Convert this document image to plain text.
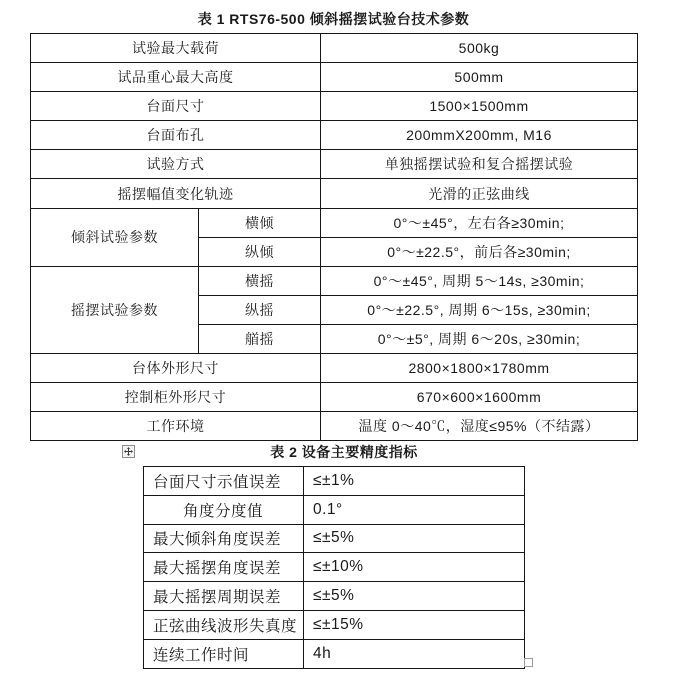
表 1 RTS76-500 倾斜摇摆试验台技术参数
试验最大载荷		500kg
试品重心最大高度		500mm
台面尺寸		1500×1500mm
台面布孔		200mmX200mm, M16
试验方式		单独摇摆试验和复合摇摆试验
摇摆幅值变化轨迹		光滑的正弦曲线
倾斜试验参数	横倾	0°～±45°，左右各≥30min;
	纵倾	0°～±22.5°，前后各≥30min;
摇摆试验参数	横摇	0°～±45°, 周期 5～14s, ≥30min;
	纵摇	0°～±22.5°, 周期 6～15s, ≥30min;
	艏摇	0°～±5°, 周期 6～20s, ≥30min;
台体外形尺寸		2800×1800×1780mm
控制柜外形尺寸		670×600×1600mm
工作环境		温度 0～40℃，湿度≤95%（不结露）
表 2 设备主要精度指标
台面尺寸示值误差	≤±1%
角度分度值	0.1°
最大倾斜角度误差	≤±5%
最大摇摆角度误差	≤±10%
最大摇摆周期误差	≤±5%
正弦曲线波形失真度	≤±15%
连续工作时间	4h
